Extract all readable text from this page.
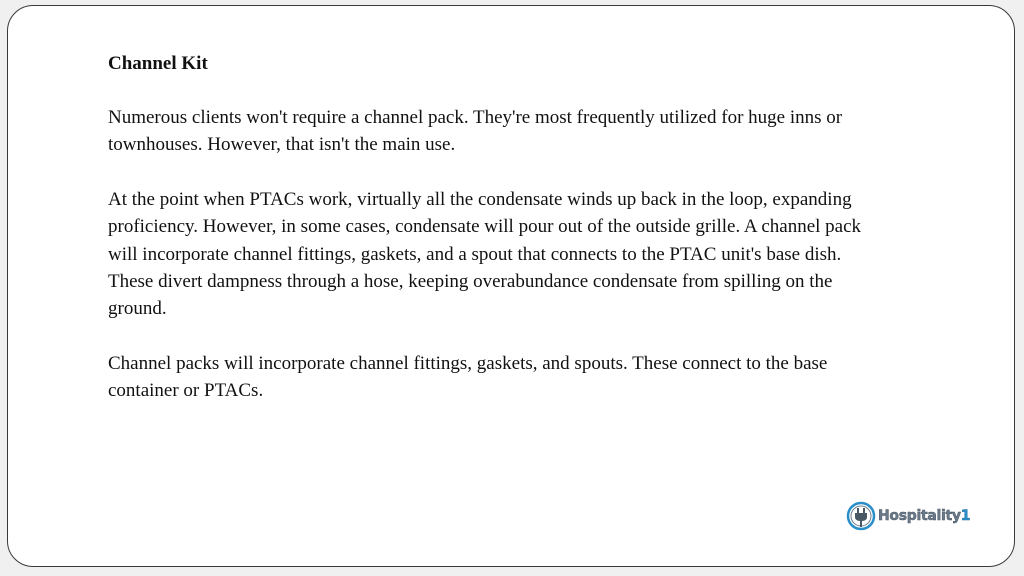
Channel Kit
Numerous clients won't require a channel pack. They're most frequently utilized for huge inns or
townhouses. However, that isn't the main use.
At the point when PTACs work, virtually all the condensate winds up back in the loop, expanding
proficiency. However, in some cases, condensate will pour out of the outside grille. A channel pack
will incorporate channel fittings, gaskets, and a spout that connects to the PTAC unit's base dish.
These divert dampness through a hose, keeping overabundance condensate from spilling on the
ground.
Channel packs will incorporate channel fittings, gaskets, and spouts. These connect to the base
container or PTACs.
Hospitality1
